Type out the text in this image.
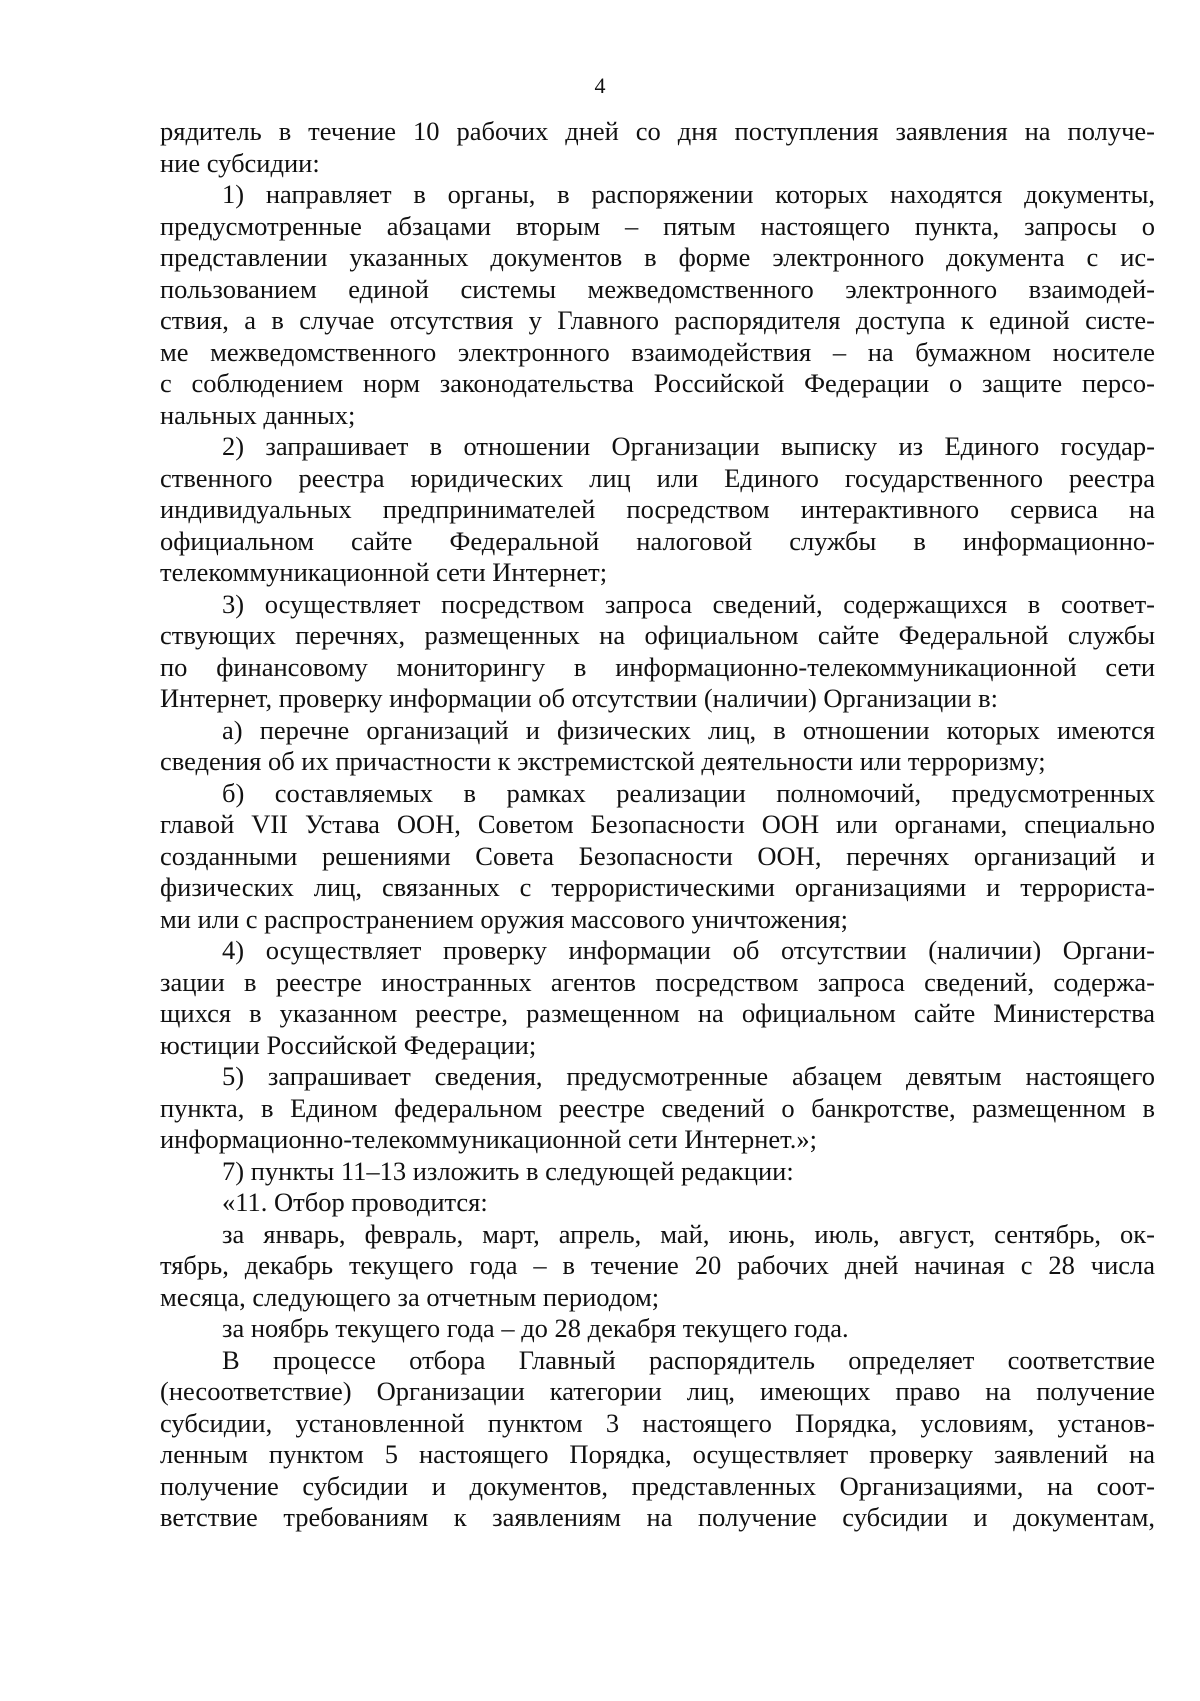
4
рядитель в течение 10 рабочих дней со дня поступления заявления на получе-
ние субсидии:
1) направляет в органы, в распоряжении которых находятся документы,
предусмотренные абзацами вторым – пятым настоящего пункта, запросы о
представлении указанных документов в форме электронного документа с ис-
пользованием единой системы межведомственного электронного взаимодей-
ствия, а в случае отсутствия у Главного распорядителя доступа к единой систе-
ме межведомственного электронного взаимодействия – на бумажном носителе
с соблюдением норм законодательства Российской Федерации о защите персо-
нальных данных;
2) запрашивает в отношении Организации выписку из Единого государ-
ственного реестра юридических лиц или Единого государственного реестра
индивидуальных предпринимателей посредством интерактивного сервиса на
официальном сайте Федеральной налоговой службы в информационно-
телекоммуникационной сети Интернет;
3) осуществляет посредством запроса сведений, содержащихся в соответ-
ствующих перечнях, размещенных на официальном сайте Федеральной службы
по финансовому мониторингу в информационно-телекоммуникационной сети
Интернет, проверку информации об отсутствии (наличии) Организации в:
а) перечне организаций и физических лиц, в отношении которых имеются
сведения об их причастности к экстремистской деятельности или терроризму;
б) составляемых в рамках реализации полномочий, предусмотренных
главой VII Устава ООН, Советом Безопасности ООН или органами, специально
созданными решениями Совета Безопасности ООН, перечнях организаций и
физических лиц, связанных с террористическими организациями и террориста-
ми или с распространением оружия массового уничтожения;
4) осуществляет проверку информации об отсутствии (наличии) Органи-
зации в реестре иностранных агентов посредством запроса сведений, содержа-
щихся в указанном реестре, размещенном на официальном сайте Министерства
юстиции Российской Федерации;
5) запрашивает сведения, предусмотренные абзацем девятым настоящего
пункта, в Едином федеральном реестре сведений о банкротстве, размещенном в
информационно-телекоммуникационной сети Интернет.»;
7) пункты 11–13 изложить в следующей редакции:
«11. Отбор проводится:
за январь, февраль, март, апрель, май, июнь, июль, август, сентябрь, ок-
тябрь, декабрь текущего года – в течение 20 рабочих дней начиная с 28 числа
месяца, следующего за отчетным периодом;
за ноябрь текущего года – до 28 декабря текущего года.
В процессе отбора Главный распорядитель определяет соответствие
(несоответствие) Организации категории лиц, имеющих право на получение
субсидии, установленной пунктом 3 настоящего Порядка, условиям, установ-
ленным пунктом 5 настоящего Порядка, осуществляет проверку заявлений на
получение субсидии и документов, представленных Организациями, на соот-
ветствие требованиям к заявлениям на получение субсидии и документам,
